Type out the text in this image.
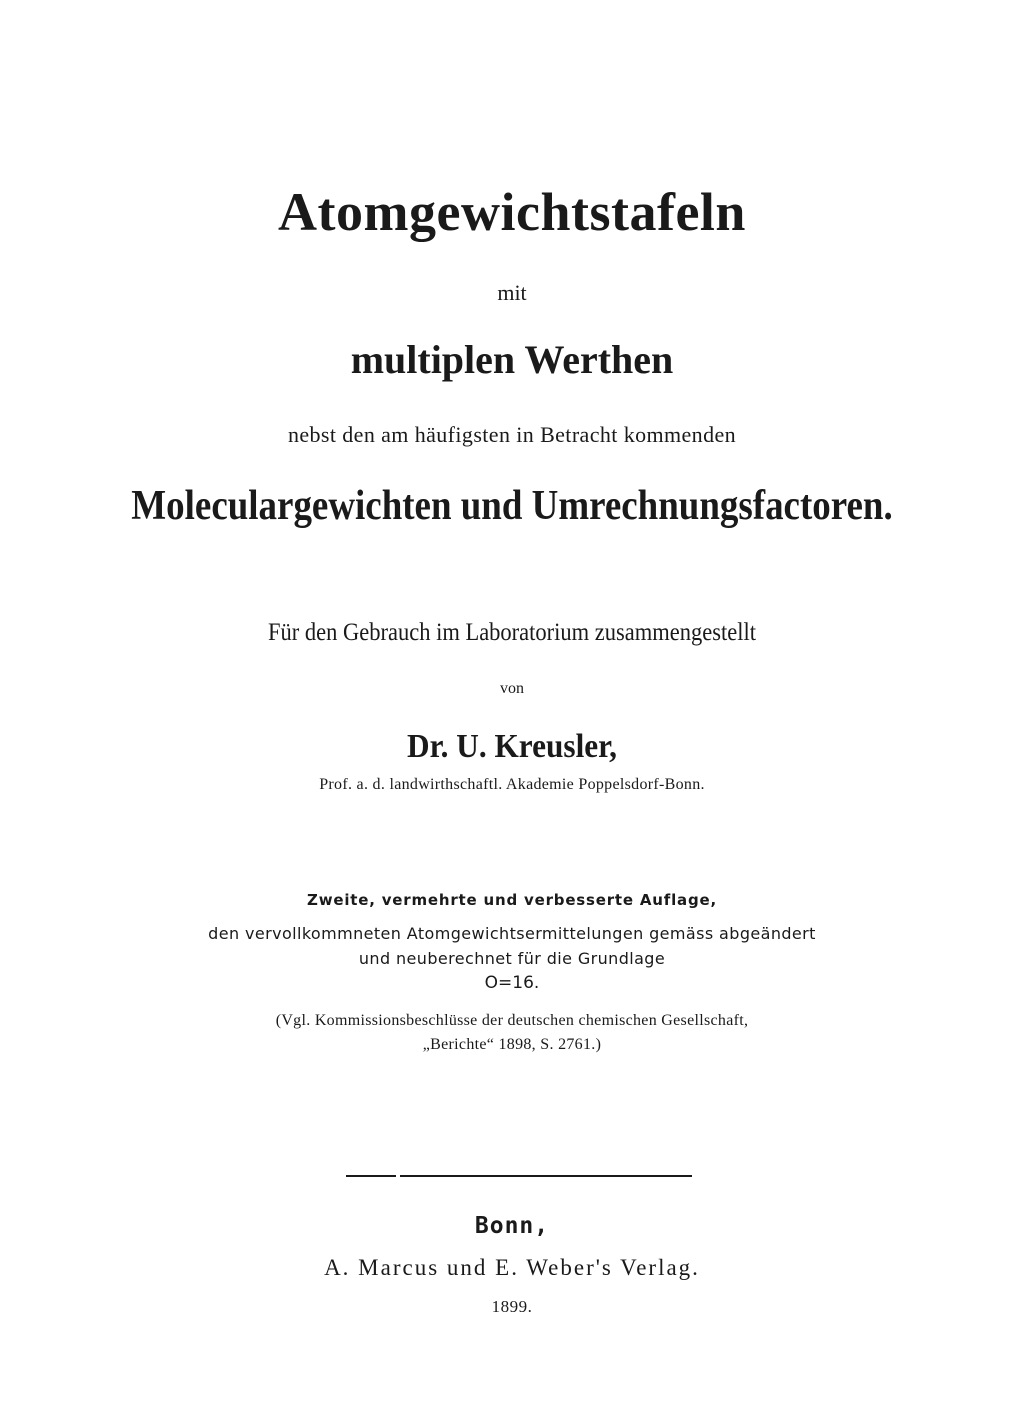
Atomgewichtstafeln

mit

multiplen Werthen

nebst den am häufigsten in Betracht kommenden

Moleculargewichten und Umrechnungsfactoren.

Für den Gebrauch im Laboratorium zusammengestellt

von

Dr. U. Kreusler,

Prof. a. d. landwirthschaftl. Akademie Poppelsdorf-Bonn.

Zweite, vermehrte und verbesserte Auflage,

den vervollkommneten Atomgewichtsermittelungen gemäss abgeändert

und neuberechnet für die Grundlage

O=16.

(Vgl. Kommissionsbeschlüsse der deutschen chemischen Gesellschaft,

„Berichte“ 1898, S. 2761.)

Bonn,

A. Marcus und E. Weber's Verlag.

1899.
